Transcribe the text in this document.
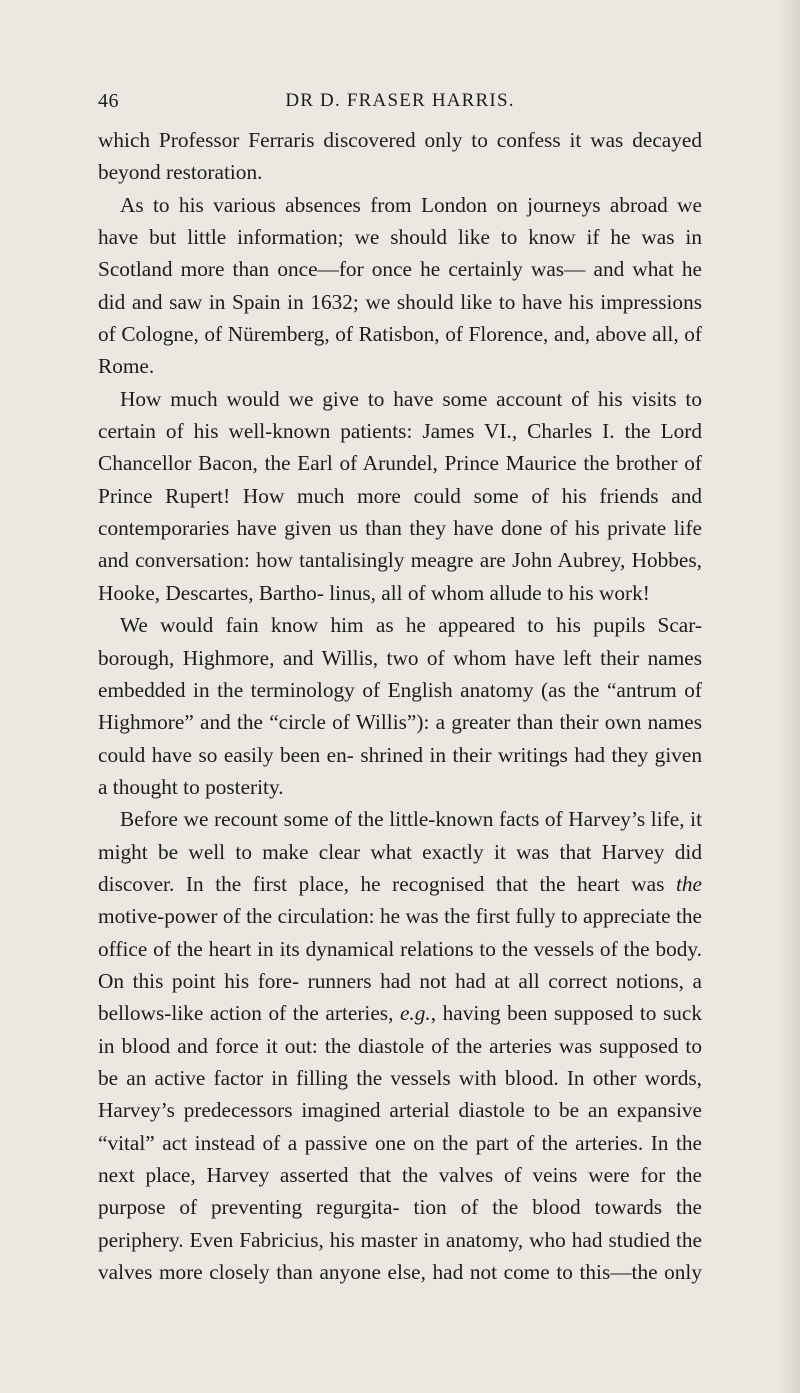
46	DR D. FRASER HARRIS.

which Professor Ferraris discovered only to confess it was decayed beyond restoration.

As to his various absences from London on journeys abroad we have but little information; we should like to know if he was in Scotland more than once—for once he certainly was— and what he did and saw in Spain in 1632; we should like to have his impressions of Cologne, of Nüremberg, of Ratisbon, of Florence, and, above all, of Rome.

How much would we give to have some account of his visits to certain of his well-known patients: James VI., Charles I. the Lord Chancellor Bacon, the Earl of Arundel, Prince Maurice the brother of Prince Rupert! How much more could some of his friends and contemporaries have given us than they have done of his private life and conversation: how tantalisingly meagre are John Aubrey, Hobbes, Hooke, Descartes, Bartho- linus, all of whom allude to his work!

We would fain know him as he appeared to his pupils Scar- borough, Highmore, and Willis, two of whom have left their names embedded in the terminology of English anatomy (as the “antrum of Highmore” and the “circle of Willis”): a greater than their own names could have so easily been en- shrined in their writings had they given a thought to posterity.

Before we recount some of the little-known facts of Harvey’s life, it might be well to make clear what exactly it was that Harvey did discover. In the first place, he recognised that the heart was the motive-power of the circulation: he was the first fully to appreciate the office of the heart in its dynamical relations to the vessels of the body. On this point his fore- runners had not had at all correct notions, a bellows-like action of the arteries, e.g., having been supposed to suck in blood and force it out: the diastole of the arteries was supposed to be an active factor in filling the vessels with blood. In other words, Harvey’s predecessors imagined arterial diastole to be an expansive “vital” act instead of a passive one on the part of the arteries. In the next place, Harvey asserted that the valves of veins were for the purpose of preventing regurgita- tion of the blood towards the periphery. Even Fabricius, his master in anatomy, who had studied the valves more closely than anyone else, had not come to this—the only
